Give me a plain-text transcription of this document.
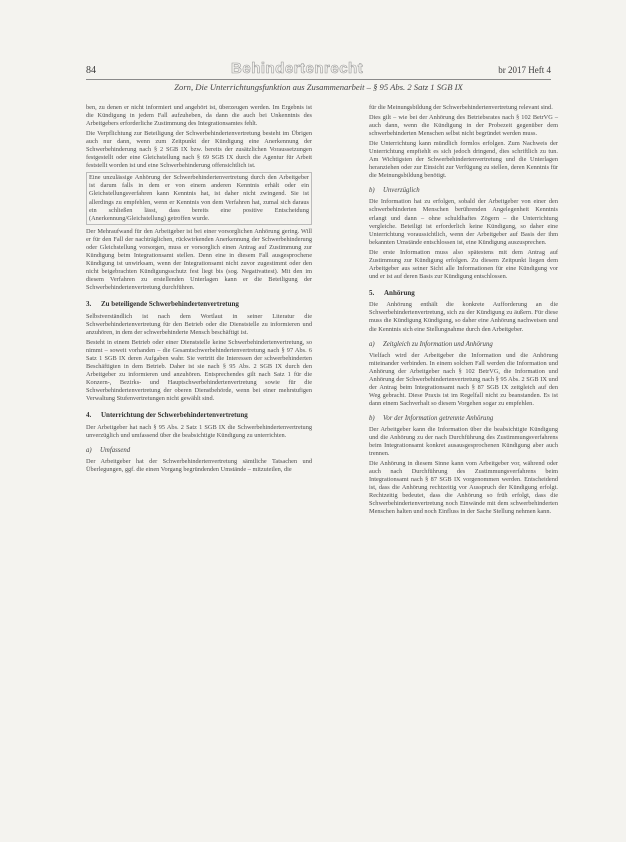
84	Behindertenrecht	br 2017 Heft 4
Zorn, Die Unterrichtungsfunktion aus Zusammenarbeit – § 95 Abs. 2 Satz 1 SGB IX

ben, zu denen er nicht informiert und angehört ist, überzeugen werden. Im Ergebnis ist die Kündigung in jedem Fall aufzuheben, da dann die auch bei Unkenntnis des Arbeitgebers erforderliche Zustimmung des Integrationsamtes fehlt.

Die Verpflichtung zur Beteiligung der Schwerbehindertenvertretung besteht im Übrigen auch nur dann, wenn zum Zeitpunkt der Kündigung eine Anerkennung der Schwerbehinderung nach § 2 SGB IX bzw. bereits der zusätzlichen Voraussetzungen festgestellt oder eine Gleichstellung nach § 69 SGB IX durch die Agentur für Arbeit feststellt worden ist und eine Schwerbehinderung offensichtlich ist.

Eine unzulässige Anhörung der Schwerbehindertenvertretung durch den Arbeitgeber ist darum falls in dem er von einem anderen Kenntnis erhält oder ein Gleichstellungsverfahren kann Kenntnis hat, ist daher nicht zwingend. Sie ist allerdings zu empfehlen, wenn er Kenntnis von dem Verfahren hat, zumal sich daraus ein schließen lässt, dass bereits eine positive Entscheidung (Anerkennung/Gleichstellung) getroffen wurde.

Der Mehraufwand für den Arbeitgeber ist bei einer vorsorglichen Anhörung gering. Will er für den Fall der nachträglichen, rückwirkenden Anerkennung der Schwerbehinderung oder Gleichstellung vorsorgen, muss er vorsorglich einen Antrag auf Zustimmung zur Kündigung beim Integrationsamt stellen. Denn eine in diesem Fall ausgesprochene Kündigung ist unwirksam, wenn der Integrationsamt nicht zuvor zugestimmt oder den nicht beigebrachten Kündigungsschutz fest liegt bis (sog. Negativattest). Mit den im diesem Verfahren zu erstellenden Unterlagen kann er die Beteiligung der Schwerbehindertenvertretung durchführen.

3.	Zu beteiligende Schwerbehindertenvertretung

Selbstverständlich ist nach dem Wortlaut in seiner Literatur die Schwerbehindertenvertretung für den Betrieb oder die Dienststelle zu informieren und anzuhören, in dem der schwerbehinderte Mensch beschäftigt ist.

Besteht in einem Betrieb oder einer Dienststelle keine Schwerbehindertenvertretung, so nimmt – soweit vorhanden – die Gesamtschwerbehindertenvertretung nach § 97 Abs. 6 Satz 1 SGB IX deren Aufgaben wahr. Sie vertritt die Interessen der schwerbehinderten Beschäftigten in dem Betrieb. Daher ist sie nach § 95 Abs. 2 SGB IX durch den Arbeitgeber zu informieren und anzuhören. Entsprechendes gilt nach Satz 1 für die Konzern-, Bezirks- und Hauptschwerbehindertenvertretung sowie für die Schwerbehindertenvertretung der oberen Dienstbehörde, wenn bei einer mehrstufigen Verwaltung Stufenvertretungen nicht gewählt sind.

4.	Unterrichtung der Schwerbehindertenvertretung

Der Arbeitgeber hat nach § 95 Abs. 2 Satz 1 SGB IX die Schwerbehindertenvertretung unverzüglich und umfassend über die beabsichtigte Kündigung zu unterrichten.

a)	Umfassend

Der Arbeitgeber hat der Schwerbehindertenvertretung sämtliche Tatsachen und Überlegungen, ggf. die einen Vorgang begründenden Umstände – mitzuteilen, die

für die Meinungsbildung der Schwerbehindertenvertretung relevant sind.

Dies gilt – wie bei der Anhörung des Betriebsrates nach § 102 BetrVG – auch dann, wenn die Kündigung in der Probezeit gegenüber dem schwerbehinderten Menschen selbst nicht begründet werden muss.

Die Unterrichtung kann mündlich formlos erfolgen. Zum Nachweis der Unterrichtung empfiehlt es sich jedoch dringend, dies schriftlich zu tun. Am Wichtigsten der Schwerbehindertenvertretung und die Unterlagen heranziehen oder zur Einsicht zur Verfügung zu stellen, deren Kenntnis für die Meinungsbildung benötigt.

b)	Unverzüglich

Die Information hat zu erfolgen, sobald der Arbeitgeber von einer den schwerbehinderten Menschen berührenden Angelegenheit Kenntnis erlangt und dann – ohne schuldhaftes Zögern – die Unterrichtung vergleiche. Beteiligt ist erforderlich keine Kündigung, so daher eine Unterrichtung voraussichtlich, wenn der Arbeitgeber auf Basis der ihm bekannten Umstände entschlossen ist, eine Kündigung auszusprechen.

Die erste Information muss also spätestens mit dem Antrag auf Zustimmung zur Kündigung erfolgen. Zu diesem Zeitpunkt liegen dem Arbeitgeber aus seiner Sicht alle Informationen für eine Kündigung vor und er ist auf deren Basis zur Kündigung entschlossen.

5.	Anhörung

Die Anhörung enthält die konkrete Aufforderung an die Schwerbehindertenvertretung, sich zu der Kündigung zu äußern. Für diese muss die Kündigung Kündigung, so daher eine Anhörung nachweisen und die Kenntnis sich eine Stellungnahme durch den Arbeitgeber.

a)	Zeitgleich zu Information und Anhörung

Vielfach wird der Arbeitgeber die Information und die Anhörung miteinander verbinden. In einem solchen Fall werden die Information und Anhörung der Arbeitgeber nach § 102 BetrVG, die Information und Anhörung der Schwerbehindertenvertretung nach § 95 Abs. 2 SGB IX und der Antrag beim Integrationsamt nach § 87 SGB IX zeitgleich auf den Weg gebracht. Diese Praxis ist im Regelfall nicht zu beanstanden. Es ist dann einem Sachverhalt so diesem Vorgehen sogar zu empfehlen.

b)	Vor der Information getrennte Anhörung

Der Arbeitgeber kann die Information über die beabsichtigte Kündigung und die Anhörung zu der nach Durchführung des Zustimmungsverfahrens beim Integrationsamt konkret ausausgesprochenen Kündigung aber auch trennen.

Die Anhörung in diesem Sinne kann vom Arbeitgeber vor, während oder auch nach Durchführung des Zustimmungsverfahrens beim Integrationsamt nach § 87 SGB IX vorgenommen werden. Entscheidend ist, dass die Anhörung rechtzeitig vor Ausspruch der Kündigung erfolgt. Rechtzeitig bedeutet, dass die Anhörung so früh erfolgt, dass die Schwerbehindertenvertretung noch Einwände mit dem schwerbehinderten Menschen halten und noch Einfluss in der Sache Stellung nehmen kann.
